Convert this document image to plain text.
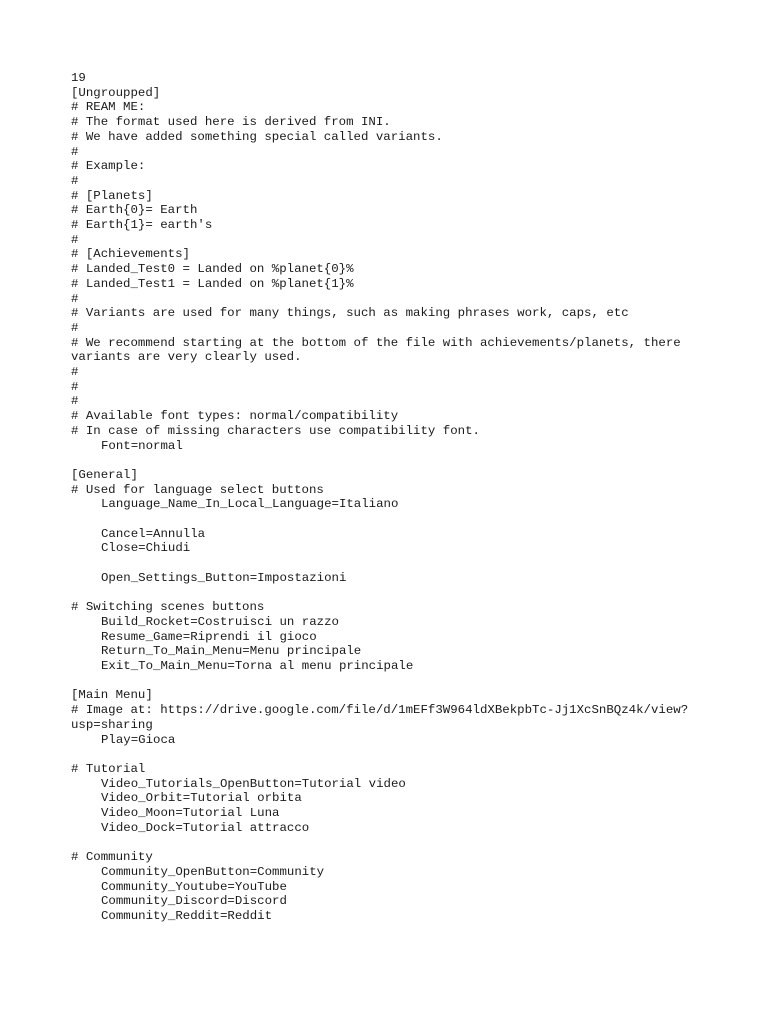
19
[Ungroupped]
# REAM ME:
# The format used here is derived from INI.
# We have added something special called variants.
#
# Example:
#
# [Planets]
# Earth{0}= Earth
# Earth{1}= earth's
#
# [Achievements]
# Landed_Test0 = Landed on %planet{0}%
# Landed_Test1 = Landed on %planet{1}%
#
# Variants are used for many things, such as making phrases work, caps, etc
#
# We recommend starting at the bottom of the file with achievements/planets, there
variants are very clearly used.
#
#
#
# Available font types: normal/compatibility
# In case of missing characters use compatibility font.
Font=normal
[General]
# Used for language select buttons
Language_Name_In_Local_Language=Italiano
Cancel=Annulla
Close=Chiudi
Open_Settings_Button=Impostazioni
# Switching scenes buttons
Build_Rocket=Costruisci un razzo
Resume_Game=Riprendi il gioco
Return_To_Main_Menu=Menu principale
Exit_To_Main_Menu=Torna al menu principale
[Main Menu]
# Image at: https://drive.google.com/file/d/1mEFf3W964ldXBekpbTc-Jj1XcSnBQz4k/view?
usp=sharing
Play=Gioca
# Tutorial
Video_Tutorials_OpenButton=Tutorial video
Video_Orbit=Tutorial orbita
Video_Moon=Tutorial Luna
Video_Dock=Tutorial attracco
# Community
Community_OpenButton=Community
Community_Youtube=YouTube
Community_Discord=Discord
Community_Reddit=Reddit
